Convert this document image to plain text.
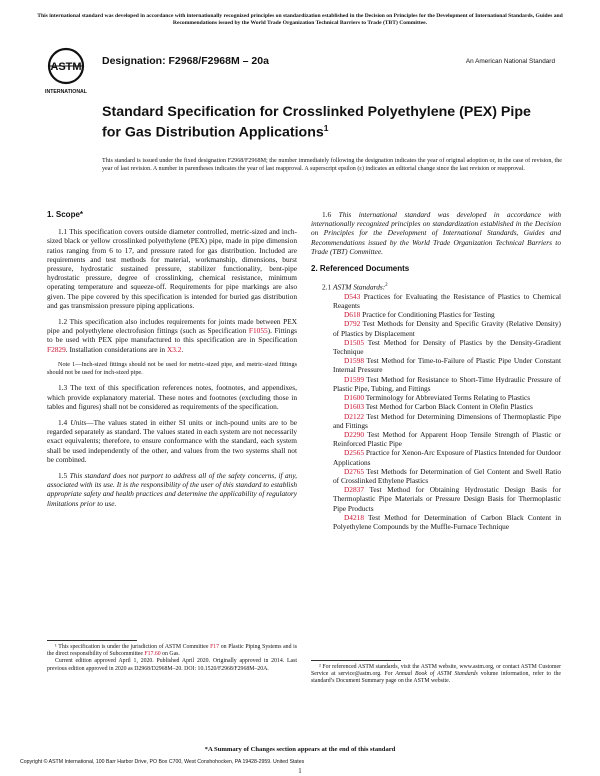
This international standard was developed in accordance with internationally recognized principles on standardization established in the Decision on Principles for the Development of International Standards, Guides and Recommendations issued by the World Trade Organization Technical Barriers to Trade (TBT) Committee.
ASTM
INTERNATIONAL
Designation: F2968/F2968M – 20a	An American National Standard
Standard Specification for Crosslinked Polyethylene (PEX) Pipe for Gas Distribution Applications$^1$
This standard is issued under the fixed designation F2968/F2968M; the number immediately following the designation indicates the year of original adoption or, in the case of revision, the year of last revision. A number in parentheses indicates the year of last reapproval. A superscript epsilon (ε) indicates an editorial change since the last revision or reapproval.
1. Scope*

1.1 This specification covers outside diameter controlled, metric-sized and inch-sized black or yellow crosslinked polyethylene (PEX) pipe, made in pipe dimension ratios ranging from 6 to 17, and pressure rated for gas distribution. Included are requirements and test methods for material, workmanship, dimensions, burst pressure, hydrostatic sustained pressure, stabilizer functionality, bent-pipe hydrostatic pressure, degree of crosslinking, chemical resistance, minimum operating temperature and squeeze-off. Requirements for pipe markings are also given. The pipe covered by this specification is intended for buried gas distribution and gas transmission pressure piping applications.

1.2 This specification also includes requirements for joints made between PEX pipe and polyethylene electrofusion fittings (such as Specification F1055). Fittings to be used with PEX pipe manufactured to this specification are in Specification F2829. Installation considerations are in X3.2.

Note 1—Inch-sized fittings should not be used for metric-sized pipe, and metric-sized fittings should not be used for inch-sized pipe.

1.3 The text of this specification references notes, footnotes, and appendixes, which provide explanatory material. These notes and footnotes (excluding those in tables and figures) shall not be considered as requirements of the specification.

1.4 Units—The values stated in either SI units or inch-pound units are to be regarded separately as standard. The values stated in each system are not necessarily exact equivalents; therefore, to ensure conformance with the standard, each system shall be used independently of the other, and values from the two systems shall not be combined.

1.5 This standard does not purport to address all of the safety concerns, if any, associated with its use. It is the responsibility of the user of this standard to establish appropriate safety and health practices and determine the applicability of regulatory limitations prior to use.

¹ This specification is under the jurisdiction of ASTM Committee F17 on Plastic Piping Systems and is the direct responsibility of Subcommittee F17.60 on Gas.
Current edition approved April 1, 2020. Published April 2020. Originally approved in 2014. Last previous edition approved in 2020 as D2968/D2968M–20. DOI: 10.1520/F2968/F2968M–20A.

1.6 This international standard was developed in accordance with internationally recognized principles on standardization established in the Decision on Principles for the Development of International Standards, Guides and Recommendations issued by the World Trade Organization Technical Barriers to Trade (TBT) Committee.

2. Referenced Documents

2.1 ASTM Standards:$^2$

D543 Practices for Evaluating the Resistance of Plastics to Chemical Reagents

D618 Practice for Conditioning Plastics for Testing

D792 Test Methods for Density and Specific Gravity (Relative Density) of Plastics by Displacement

D1505 Test Method for Density of Plastics by the Density-Gradient Technique

D1598 Test Method for Time-to-Failure of Plastic Pipe Under Constant Internal Pressure

D1599 Test Method for Resistance to Short-Time Hydraulic Pressure of Plastic Pipe, Tubing, and Fittings

D1600 Terminology for Abbreviated Terms Relating to Plastics

D1603 Test Method for Carbon Black Content in Olefin Plastics

D2122 Test Method for Determining Dimensions of Thermoplastic Pipe and Fittings

D2290 Test Method for Apparent Hoop Tensile Strength of Plastic or Reinforced Plastic Pipe

D2565 Practice for Xenon-Arc Exposure of Plastics Intended for Outdoor Applications

D2765 Test Methods for Determination of Gel Content and Swell Ratio of Crosslinked Ethylene Plastics

D2837 Test Method for Obtaining Hydrostatic Design Basis for Thermoplastic Pipe Materials or Pressure Design Basis for Thermoplastic Pipe Products

D4218 Test Method for Determination of Carbon Black Content in Polyethylene Compounds by the Muffle-Furnace Technique

² For referenced ASTM standards, visit the ASTM website, www.astm.org, or contact ASTM Customer Service at service@astm.org. For Annual Book of ASTM Standards volume information, refer to the standard’s Document Summary page on the ASTM website.
*A Summary of Changes section appears at the end of this standard
Copyright © ASTM International, 100 Barr Harbor Drive, PO Box C700, West Conshohocken, PA 19428-2959. United States
1
